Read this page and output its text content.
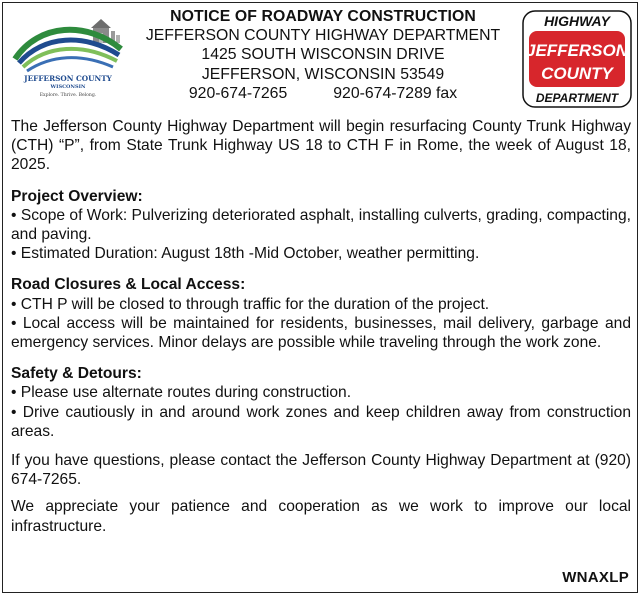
JEFFERSON COUNTY
WISCONSIN
Explore. Thrive. Belong.
NOTICE OF ROADWAY CONSTRUCTION
JEFFERSON COUNTY HIGHWAY DEPARTMENT
1425 SOUTH WISCONSIN DRIVE
JEFFERSON, WISCONSIN 53549
920-674-7265	920-674-7289 fax
HIGHWAY
JEFFERSON
COUNTY
DEPARTMENT

The Jefferson County Highway Department will begin resurfacing County Trunk Highway (CTH) “P”, from State Trunk Highway US 18 to CTH F in Rome, the week of August 18, 2025.

Project Overview:

• Scope of Work: Pulverizing deteriorated asphalt, installing culverts, grading, compacting, and paving.

• Estimated Duration: August 18th -Mid October, weather permitting.

Road Closures & Local Access:

• CTH P will be closed to through traffic for the duration of the project.

• Local access will be maintained for residents, businesses, mail delivery, garbage and emergency services. Minor delays are possible while traveling through the work zone.

Safety & Detours:

• Please use alternate routes during construction.

• Drive cautiously in and around work zones and keep children away from construction areas.

If you have questions, please contact the Jefferson County Highway Department at (920) 674-7265.

We appreciate your patience and cooperation as we work to improve our local infrastructure.

WNAXLP
